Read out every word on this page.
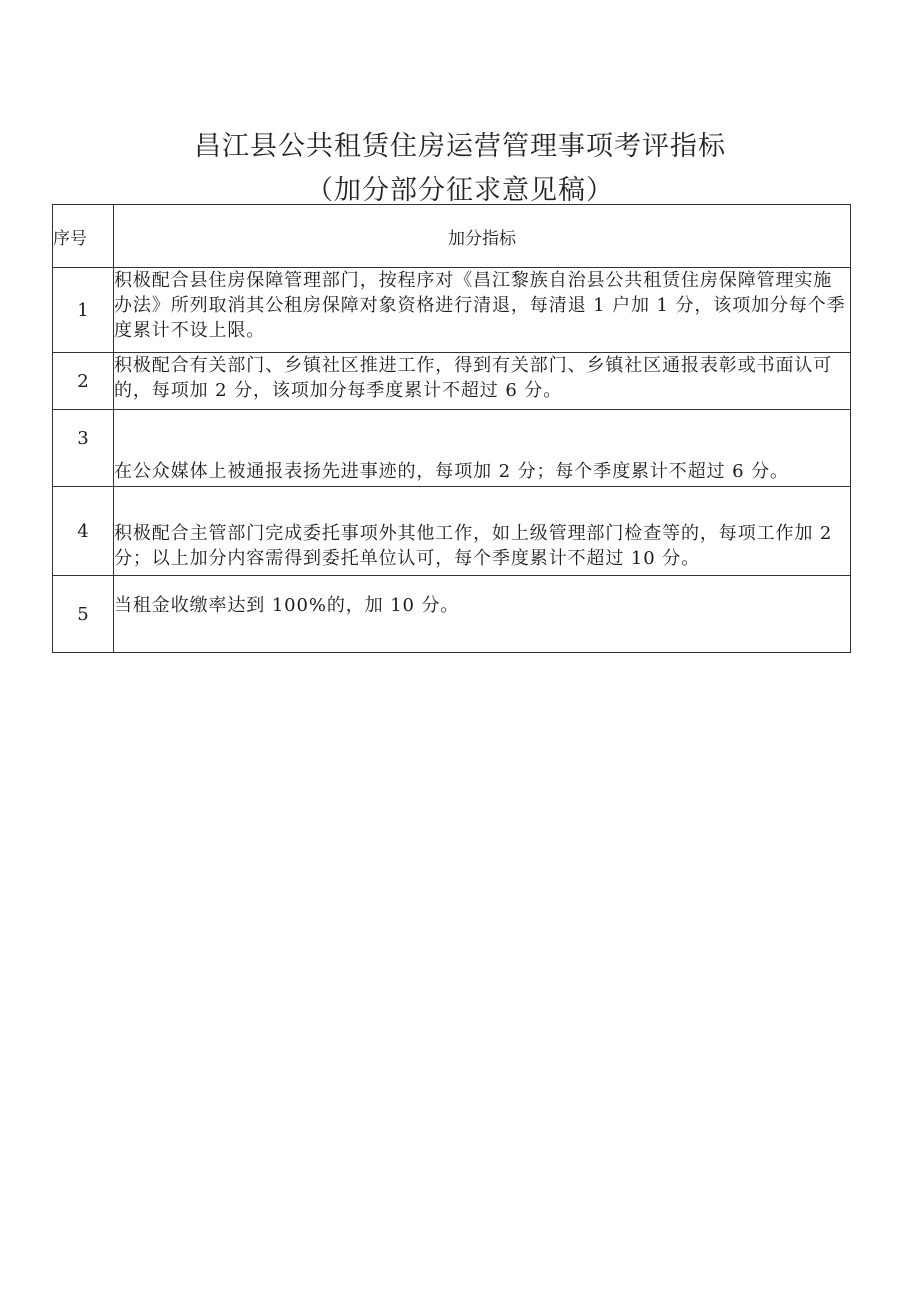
昌江县公共租赁住房运营管理事项考评指标
（加分部分征求意见稿）
序号	加分指标
1	积极配合县住房保障管理部门，按程序对《昌江黎族自治县公共租赁住房保障管理实施办法》所列取消其公租房保障对象资格进行清退，每清退 1 户加 1 分，该项加分每个季度累计不设上限。
2	积极配合有关部门、乡镇社区推进工作，得到有关部门、乡镇社区通报表彰或书面认可的，每项加 2 分，该项加分每季度累计不超过 6 分。
3	在公众媒体上被通报表扬先进事迹的，每项加 2 分；每个季度累计不超过 6 分。
4	积极配合主管部门完成委托事项外其他工作，如上级管理部门检查等的，每项工作加 2 分；以上加分内容需得到委托单位认可，每个季度累计不超过 10 分。
5	当租金收缴率达到 100%的，加 10 分。
